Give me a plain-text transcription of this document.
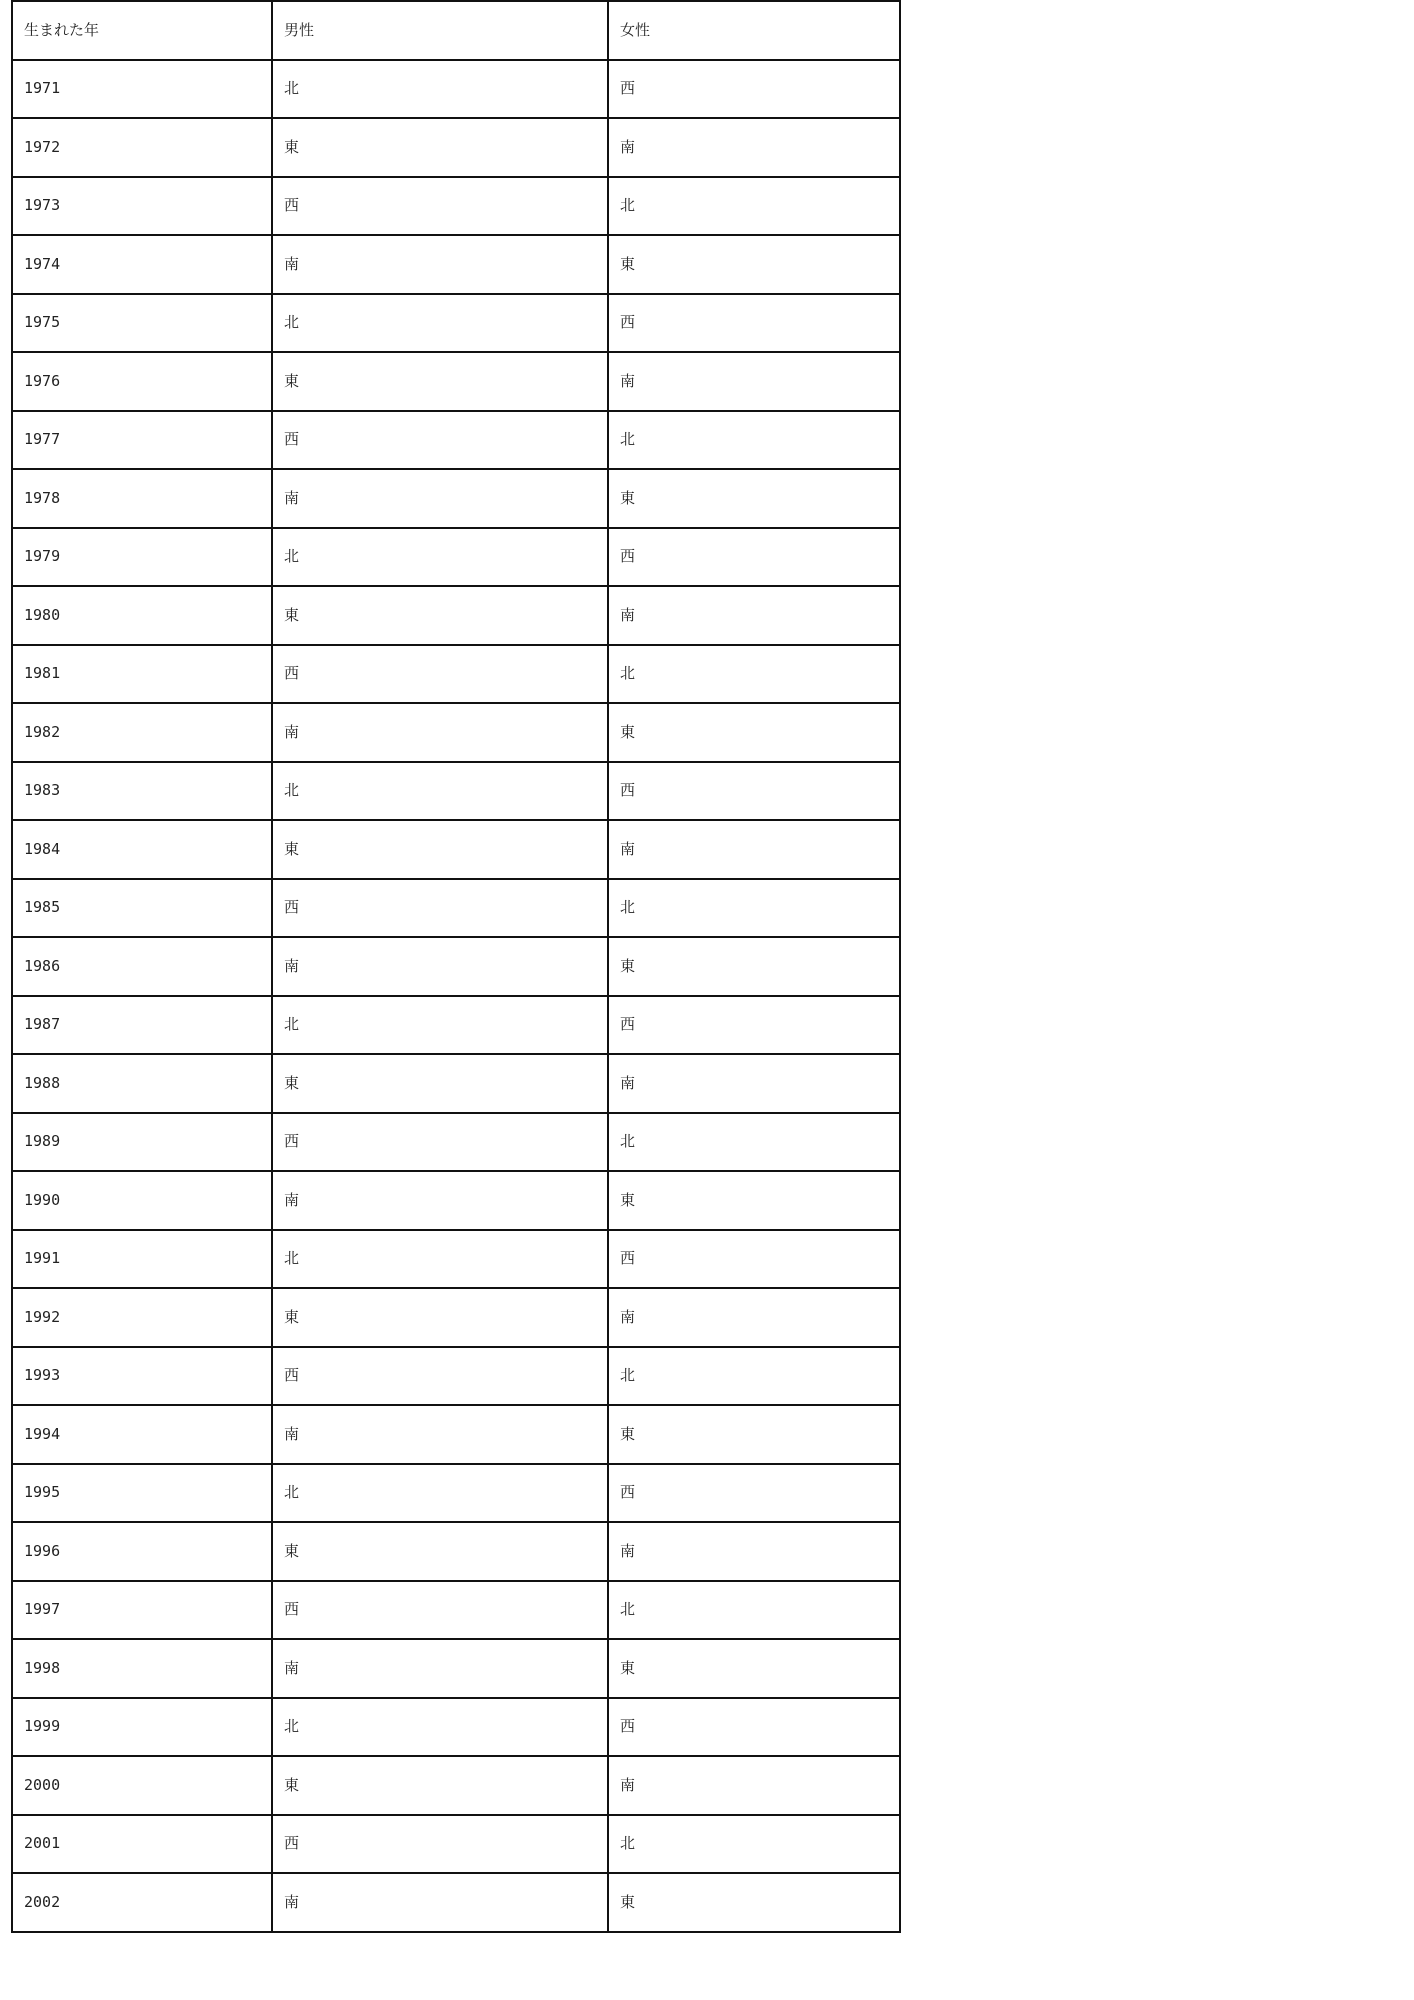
生まれた年	男性	女性
1971	北	西
1972	東	南
1973	西	北
1974	南	東
1975	北	西
1976	東	南
1977	西	北
1978	南	東
1979	北	西
1980	東	南
1981	西	北
1982	南	東
1983	北	西
1984	東	南
1985	西	北
1986	南	東
1987	北	西
1988	東	南
1989	西	北
1990	南	東
1991	北	西
1992	東	南
1993	西	北
1994	南	東
1995	北	西
1996	東	南
1997	西	北
1998	南	東
1999	北	西
2000	東	南
2001	西	北
2002	南	東
